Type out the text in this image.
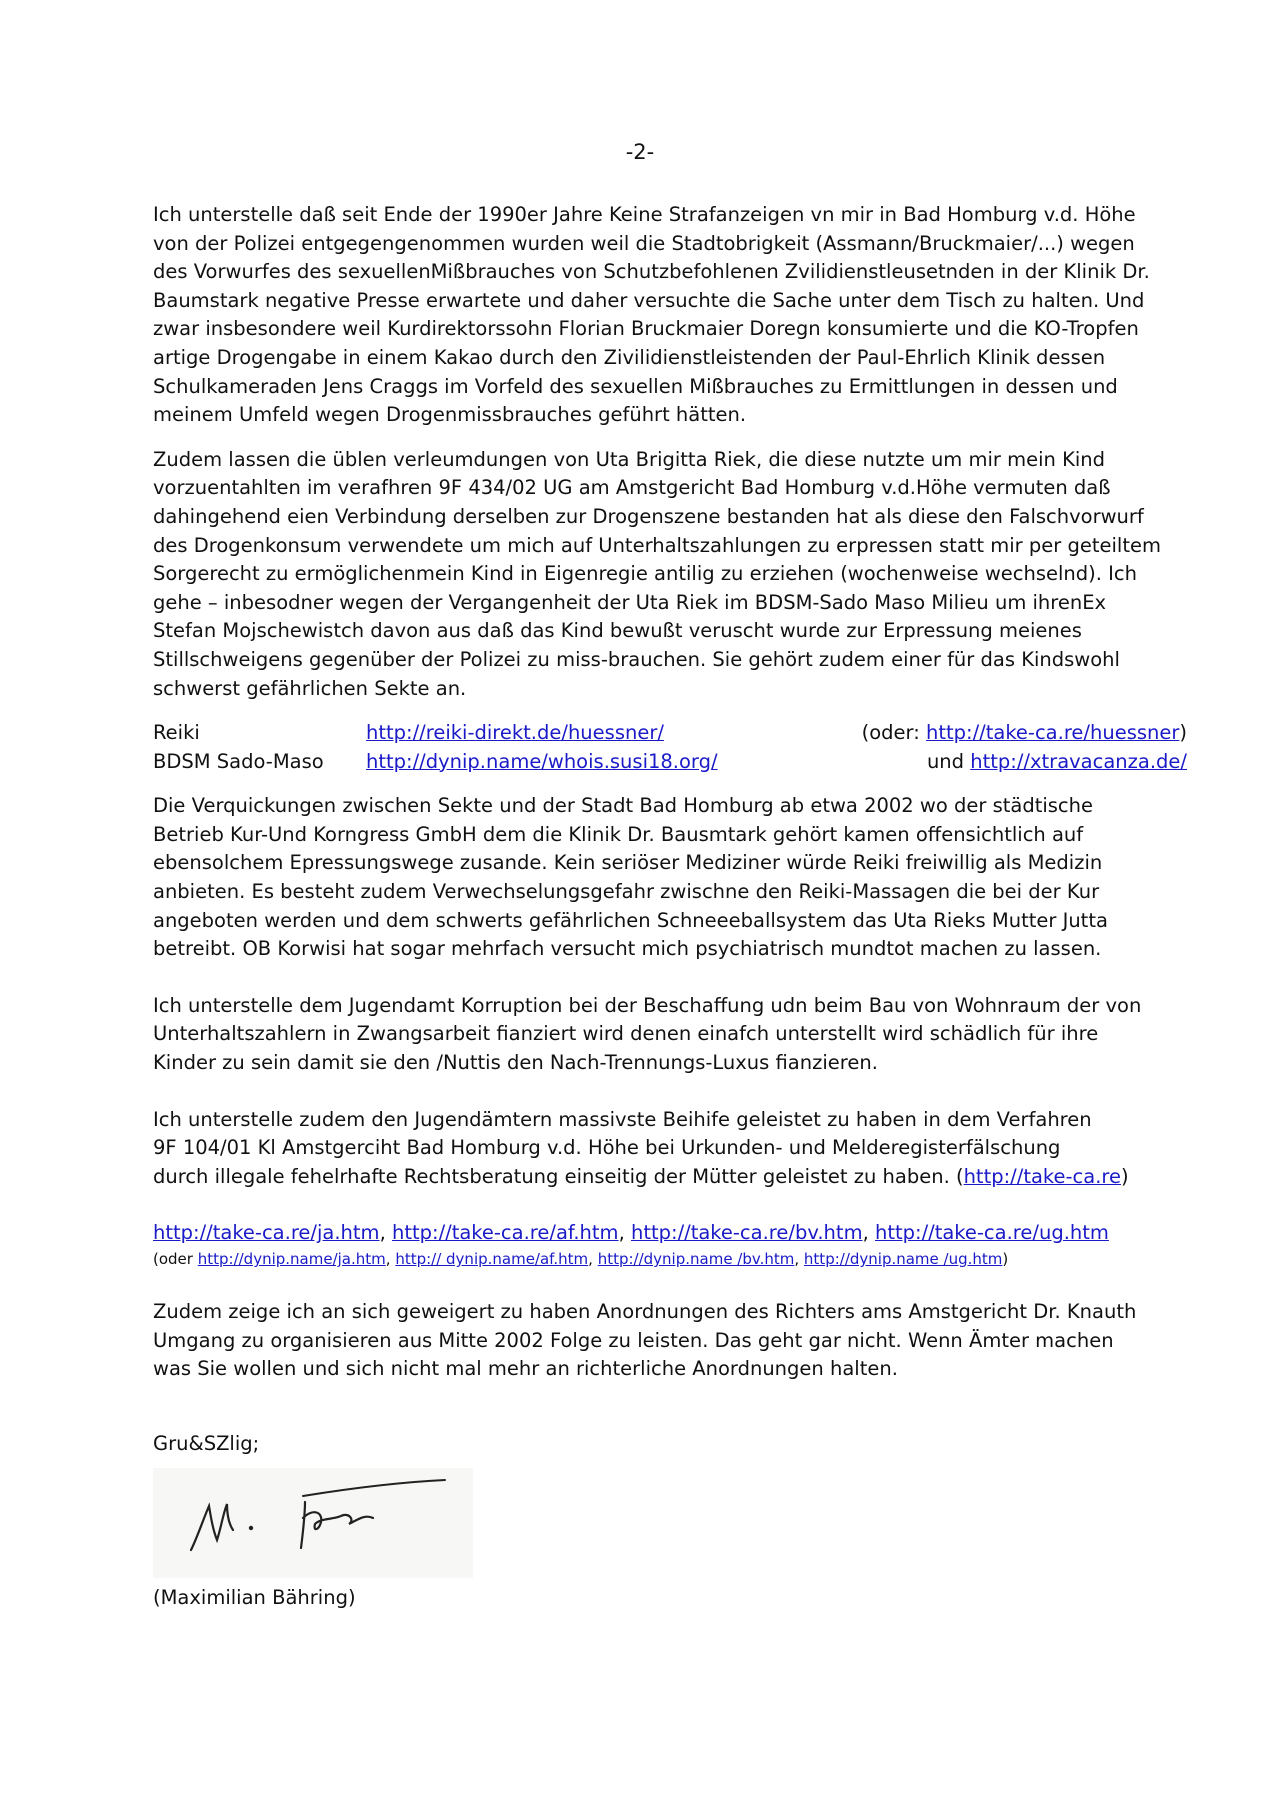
-2-

Ich unterstelle daß seit Ende der 1990er Jahre Keine Strafanzeigen vn mir in Bad Homburg v.d. Höhe
von der Polizei entgegengenommen wurden weil die Stadtobrigkeit (Assmann/Bruckmaier/...) wegen
des Vorwurfes des sexuellenMißbrauches von Schutzbefohlenen Zvilidienstleusetnden in der Klinik Dr.
Baumstark negative Presse erwartete und daher versuchte die Sache unter dem Tisch zu halten. Und
zwar insbesondere weil Kurdirektorssohn Florian Bruckmaier Doregn konsumierte und die KO-Tropfen
artige Drogengabe in einem Kakao durch den Zivilidienstleistenden der Paul-Ehrlich Klinik dessen
Schulkameraden Jens Craggs im Vorfeld des sexuellen Mißbrauches zu Ermittlungen in dessen und
meinem Umfeld wegen Drogenmissbrauches geführt hätten.

Zudem lassen die üblen verleumdungen von Uta Brigitta Riek, die diese nutzte um mir mein Kind
vorzuentahlten im verafhren 9F 434/02 UG am Amstgericht Bad Homburg v.d.Höhe vermuten daß
dahingehend eien Verbindung derselben zur Drogenszene bestanden hat als diese den Falschvorwurf
des Drogenkonsum verwendete um mich auf Unterhaltszahlungen zu erpressen statt mir per geteiltem
Sorgerecht zu ermöglichenmein Kind in Eigenregie antilig zu erziehen (wochenweise wechselnd). Ich
gehe – inbesodner wegen der Vergangenheit der Uta Riek im BDSM-Sado Maso Milieu um ihrenEx
Stefan Mojschewistch davon aus daß das Kind bewußt veruscht wurde zur Erpressung meienes
Stillschweigens gegenüber der Polizei zu miss-brauchen. Sie gehört zudem einer für das Kindswohl
schwerst gefährlichen Sekte an.

Reiki	http://reiki-direkt.de/huessner/	(oder: http://take-ca.re/huessner)
BDSM Sado-Maso	http://dynip.name/whois.susi18.org/	und http://xtravacanza.de/

Die Verquickungen zwischen Sekte und der Stadt Bad Homburg ab etwa 2002 wo der städtische
Betrieb Kur-Und Korngress GmbH dem die Klinik Dr. Bausmtark gehört kamen offensichtlich auf
ebensolchem Epressungswege zusande. Kein seriöser Mediziner würde Reiki freiwillig als Medizin
anbieten. Es besteht zudem Verwechselungsgefahr zwischne den Reiki-Massagen die bei der Kur
angeboten werden und dem schwerts gefährlichen Schneeeballsystem das Uta Rieks Mutter Jutta
betreibt. OB Korwisi hat sogar mehrfach versucht mich psychiatrisch mundtot machen zu lassen.

Ich unterstelle dem Jugendamt Korruption bei der Beschaffung udn beim Bau von Wohnraum der von
Unterhaltszahlern in Zwangsarbeit fianziert wird denen einafch unterstellt wird schädlich für ihre
Kinder zu sein damit sie den /Nuttis den Nach-Trennungs-Luxus fianzieren.

Ich unterstelle zudem den Jugendämtern massivste Beihife geleistet zu haben in dem Verfahren
9F 104/01 Kl Amstgerciht Bad Homburg v.d. Höhe bei Urkunden- und Melderegisterfälschung
durch illegale fehelrhafte Rechtsberatung einseitig der Mütter geleistet zu haben. (http://take-ca.re)

http://take-ca.re/ja.htm, http://take-ca.re/af.htm, http://take-ca.re/bv.htm, http://take-ca.re/ug.htm

(oder http://dynip.name/ja.htm, http:// dynip.name/af.htm, http://dynip.name /bv.htm, http://dynip.name /ug.htm)

Zudem zeige ich an sich geweigert zu haben Anordnungen des Richters ams Amstgericht Dr. Knauth
Umgang zu organisieren aus Mitte 2002 Folge zu leisten. Das geht gar nicht. Wenn Ämter machen
was Sie wollen und sich nicht mal mehr an richterliche Anordnungen halten.

Gru&SZlig;

(Maximilian Bähring)
